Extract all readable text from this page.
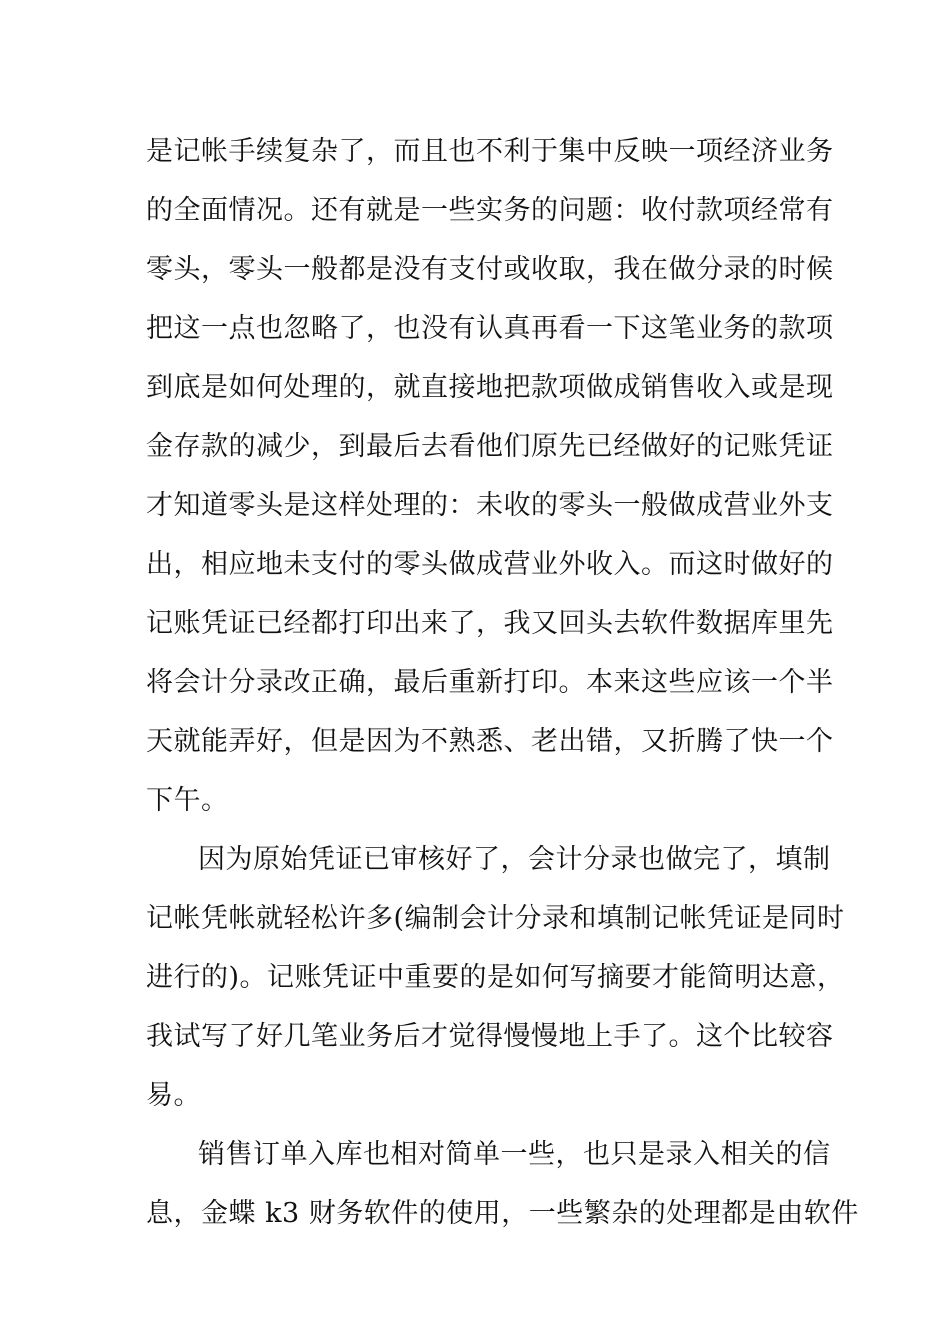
是记帐手续复杂了，而且也不利于集中反映一项经济业务
的全面情况。还有就是一些实务的问题：收付款项经常有
零头，零头一般都是没有支付或收取，我在做分录的时候
把这一点也忽略了，也没有认真再看一下这笔业务的款项
到底是如何处理的，就直接地把款项做成销售收入或是现
金存款的减少，到最后去看他们原先已经做好的记账凭证
才知道零头是这样处理的：未收的零头一般做成营业外支
出，相应地未支付的零头做成营业外收入。而这时做好的
记账凭证已经都打印出来了，我又回头去软件数据库里先
将会计分录改正确，最后重新打印。本来这些应该一个半
天就能弄好，但是因为不熟悉、老出错，又折腾了快一个
下午。
因为原始凭证已审核好了，会计分录也做完了，填制
记帐凭帐就轻松许多(编制会计分录和填制记帐凭证是同时
进行的)。记账凭证中重要的是如何写摘要才能简明达意，
我试写了好几笔业务后才觉得慢慢地上手了。这个比较容
易。
销售订单入库也相对简单一些，也只是录入相关的信
息，金蝶 k3 财务软件的使用，一些繁杂的处理都是由软件
